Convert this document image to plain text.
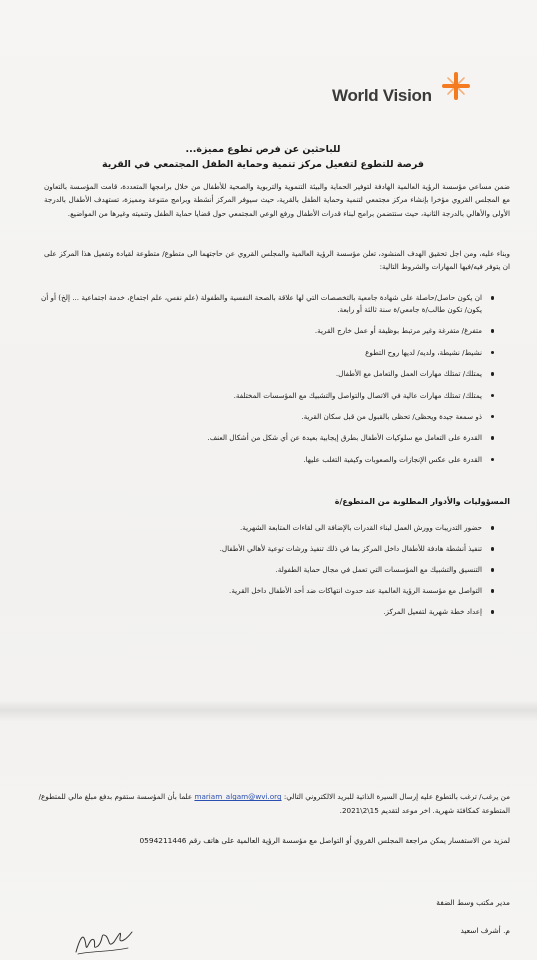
World Vision
للباحثين عن فرص تطوع مميزة...
فرصة للتطوع لتفعيل مركز تنمية وحماية الطفل المجتمعي في القرية
ضمن مساعي مؤسسة الرؤية العالمية الهادفة لتوفير الحماية والبيئة التنموية والتربوية والصحية للأطفال من خلال برامجها المتعددة، قامت المؤسسة بالتعاون مع المجلس القروي مؤخرا بإنشاء مركز مجتمعي لتنمية وحماية الطفل بالقرية، حيث سيوفر المركز أنشطة وبرامج متنوعة ومميزة، تستهدف الأطفال بالدرجة الأولى والأهالي بالدرجة الثانية، حيث ستتضمن برامج لبناء قدرات الأطفال ورفع الوعي المجتمعي حول قضايا حماية الطفل وتنميته وغيرها من المواضيع.
وبناء عليه، ومن اجل تحقيق الهدف المنشود، تعلن مؤسسة الرؤية العالمية والمجلس القروي عن حاجتهما الى متطوع/ متطوعة لقيادة وتفعيل هذا المركز على ان يتوفر فيه/فيها المهارات والشروط التالية:
ان يكون حاصل/حاصلة على شهادة جامعية بالتخصصات التي لها علاقة بالصحة النفسية والطفولة (علم نفس، علم اجتماع، خدمة اجتماعية ... إلخ) أو أن يكون/ تكون طالب/ة جامعي/ة سنة ثالثة أو رابعة.
متفرغ/ متفرغة وغير مرتبط بوظيفة أو عمل خارج القرية.
نشيط/ نشيطة، ولديه/ لديها روح التطوع
يمتلك/ تمتلك مهارات العمل والتعامل مع الأطفال.
يمتلك/ تمتلك مهارات عالية في الاتصال والتواصل والتشبيك مع المؤسسات المختلفة.
ذو سمعة جيدة ويحظى/ تحظى بالقبول من قبل سكان القرية.
القدرة على التعامل مع سلوكيات الأطفال بطرق إيجابية بعيدة عن أي شكل من أشكال العنف.
القدرة على عكس الإنجازات والصعوبات وكيفية التغلب عليها.
المسؤوليات والأدوار المطلوبة من المتطوع/ة
حضور التدريبات وورش العمل لبناء القدرات بالإضافة الى لقاءات المتابعة الشهرية.
تنفيذ أنشطة هادفة للأطفال داخل المركز بما في ذلك تنفيذ ورشات توعية لأهالي الأطفال.
التنسيق والتشبيك مع المؤسسات التي تعمل في مجال حماية الطفولة.
التواصل مع مؤسسة الرؤية العالمية عند حدوث انتهاكات ضد أحد الأطفال داخل القرية.
إعداد خطة شهرية لتفعيل المركز.
من يرغب/ ترغب بالتطوع عليه إرسال السيرة الذاتية للبريد الالكتروني التالي: mariam_algam@wvi.org علما بأن المؤسسة ستقوم بدفع مبلغ مالي للمتطوع/المتطوعة كمكافئة شهرية. اخر موعد لتقديم 15\2\2021.
لمزيد من الاستفسار يمكن مراجعة المجلس القروي أو التواصل مع مؤسسة الرؤية العالمية على هاتف رقم 0594211446
مدير مكتب وسط الضفة
م. أشرف اسعيد
